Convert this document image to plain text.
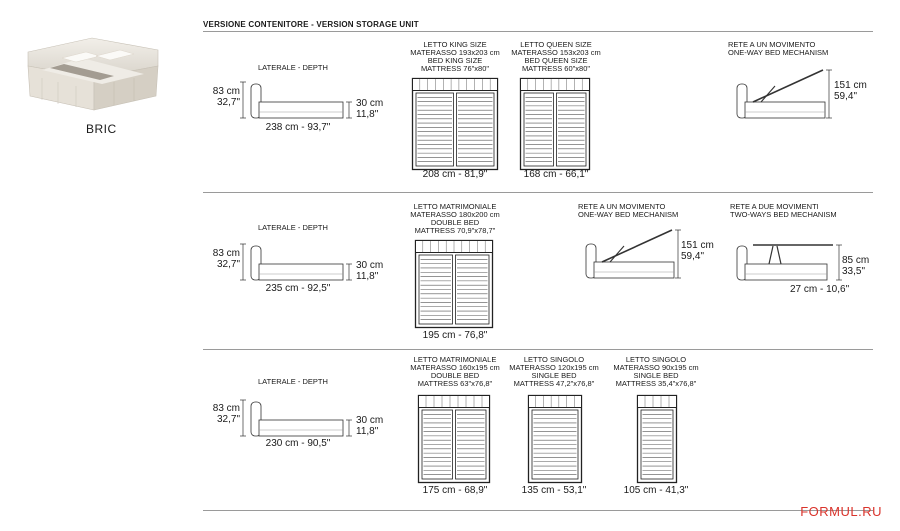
VERSIONE CONTENITORE - VERSION STORAGE UNIT
BRIC
LATERALE - DEPTH
83 cm
32,7"	30 cm
11,8"
238 cm - 93,7"
LETTO KING SIZE
MATERASSO 193x203 cm
BED KING SIZE
MATTRESS 76"x80"
208 cm - 81,9"
LETTO QUEEN SIZE
MATERASSO 153x203 cm
BED QUEEN SIZE
MATTRESS 60"x80"
168 cm - 66,1"
RETE A UN MOVIMENTO
ONE-WAY BED MECHANISM
151 cm
59,4"
LATERALE - DEPTH
83 cm
32,7"	30 cm
11,8"
235 cm - 92,5"
LETTO MATRIMONIALE
MATERASSO 180x200 cm
DOUBLE BED
MATTRESS 70,9"x78,7"
195 cm - 76,8"
RETE A UN MOVIMENTO
ONE-WAY BED MECHANISM
151 cm
59,4"
RETE A DUE MOVIMENTI
TWO-WAYS BED MECHANISM
85 cm
33,5"
27 cm - 10,6"
LATERALE - DEPTH
83 cm
32,7"	30 cm
11,8"
230 cm - 90,5"
LETTO MATRIMONIALE
MATERASSO 160x195 cm
DOUBLE BED
MATTRESS 63"x76,8"
175 cm - 68,9"
LETTO SINGOLO
MATERASSO 120x195 cm
SINGLE BED
MATTRESS 47,2"x76,8"
135 cm - 53,1"
LETTO SINGOLO
MATERASSO 90x195 cm
SINGLE BED
MATTRESS 35,4"x76,8"
105 cm - 41,3"
FORMUL.RU
